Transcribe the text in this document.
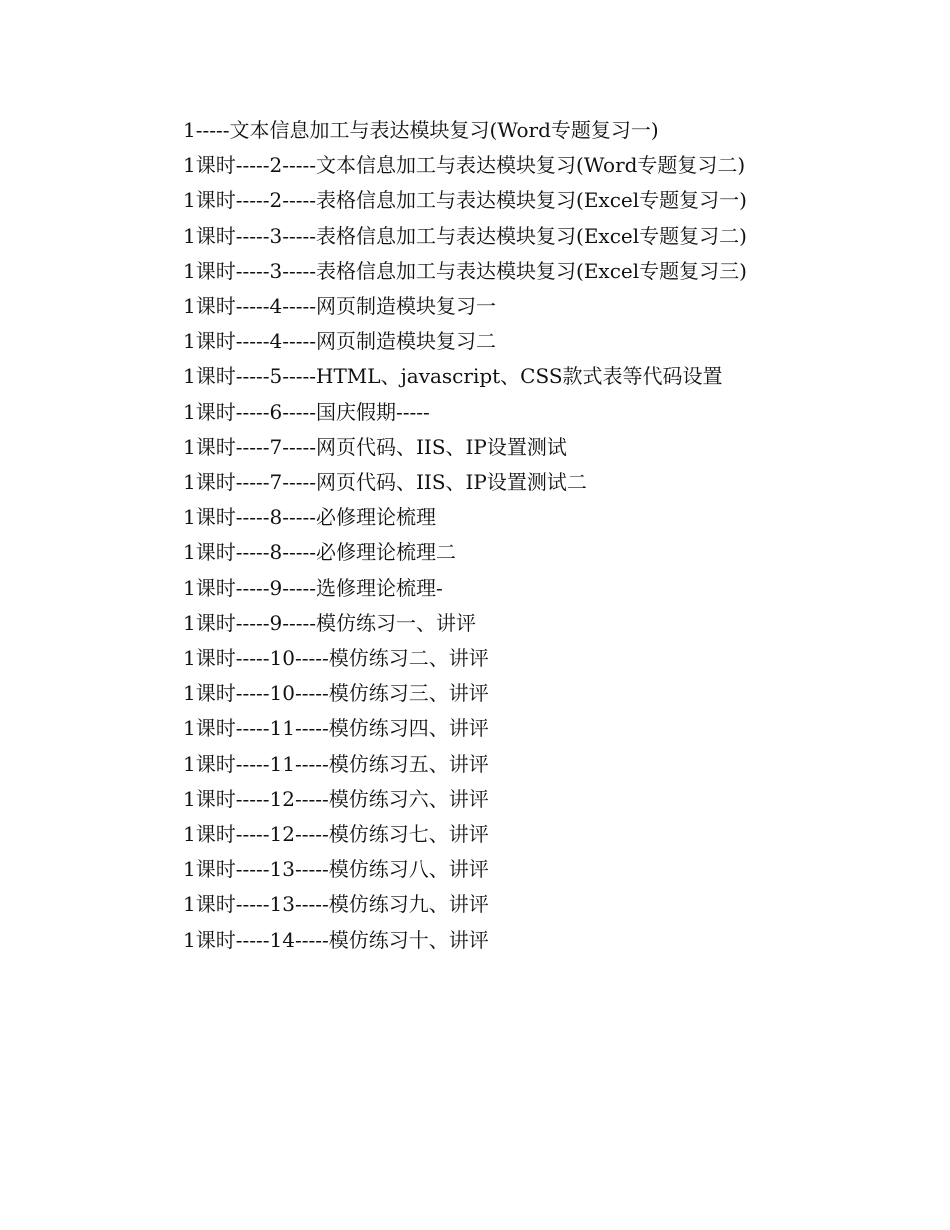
1-----文本信息加工与表达模块复习(Word专题复习一)

1课时-----2-----文本信息加工与表达模块复习(Word专题复习二)

1课时-----2-----表格信息加工与表达模块复习(Excel专题复习一)

1课时-----3-----表格信息加工与表达模块复习(Excel专题复习二)

1课时-----3-----表格信息加工与表达模块复习(Excel专题复习三)

1课时-----4-----网页制造模块复习一

1课时-----4-----网页制造模块复习二

1课时-----5-----HTML、javascript、CSS款式表等代码设置

1课时-----6-----国庆假期-----

1课时-----7-----网页代码、IIS、IP设置测试

1课时-----7-----网页代码、IIS、IP设置测试二

1课时-----8-----必修理论梳理

1课时-----8-----必修理论梳理二

1课时-----9-----选修理论梳理-

1课时-----9-----模仿练习一、讲评

1课时-----10-----模仿练习二、讲评

1课时-----10-----模仿练习三、讲评

1课时-----11-----模仿练习四、讲评

1课时-----11-----模仿练习五、讲评

1课时-----12-----模仿练习六、讲评

1课时-----12-----模仿练习七、讲评

1课时-----13-----模仿练习八、讲评

1课时-----13-----模仿练习九、讲评

1课时-----14-----模仿练习十、讲评
